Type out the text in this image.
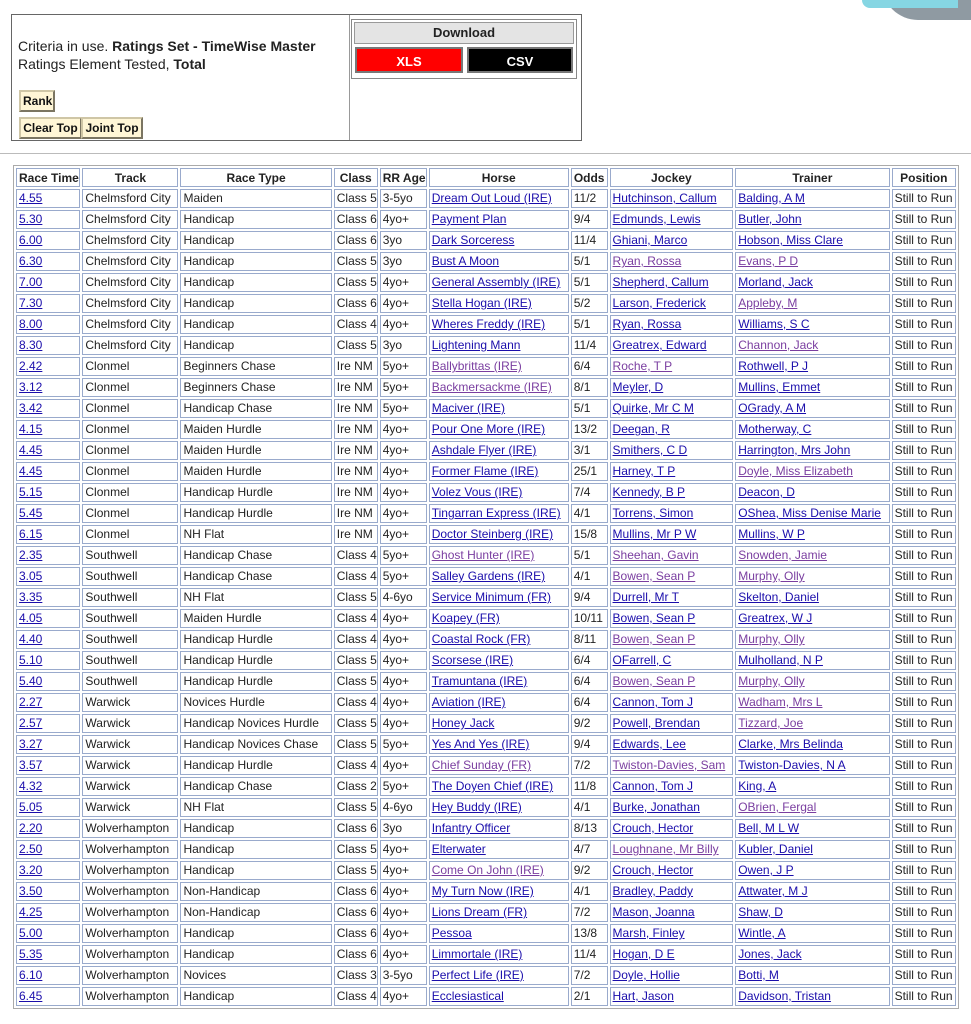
Criteria in use. Ratings Set - TimeWise Master
Ratings Element Tested, Total
Rank
Clear Top Joint Top
Download
XLS	CSV
Race Time	Track	Race Type	Class	RR Age	Horse	Odds	Jockey	Trainer	Position
4.55	Chelmsford City	Maiden	Class 5	3-5yo	Dream Out Loud (IRE)	11/2	Hutchinson, Callum	Balding, A M	Still to Run
5.30	Chelmsford City	Handicap	Class 6	4yo+	Payment Plan	9/4	Edmunds, Lewis	Butler, John	Still to Run
6.00	Chelmsford City	Handicap	Class 6	3yo	Dark Sorceress	11/4	Ghiani, Marco	Hobson, Miss Clare	Still to Run
6.30	Chelmsford City	Handicap	Class 5	3yo	Bust A Moon	5/1	Ryan, Rossa	Evans, P D	Still to Run
7.00	Chelmsford City	Handicap	Class 5	4yo+	General Assembly (IRE)	5/1	Shepherd, Callum	Morland, Jack	Still to Run
7.30	Chelmsford City	Handicap	Class 6	4yo+	Stella Hogan (IRE)	5/2	Larson, Frederick	Appleby, M	Still to Run
8.00	Chelmsford City	Handicap	Class 4	4yo+	Wheres Freddy (IRE)	5/1	Ryan, Rossa	Williams, S C	Still to Run
8.30	Chelmsford City	Handicap	Class 5	3yo	Lightening Mann	11/4	Greatrex, Edward	Channon, Jack	Still to Run
2.42	Clonmel	Beginners Chase	Ire NM	5yo+	Ballybrittas (IRE)	6/4	Roche, T P	Rothwell, P J	Still to Run
3.12	Clonmel	Beginners Chase	Ire NM	5yo+	Backmersackme (IRE)	8/1	Meyler, D	Mullins, Emmet	Still to Run
3.42	Clonmel	Handicap Chase	Ire NM	5yo+	Maciver (IRE)	5/1	Quirke, Mr C M	OGrady, A M	Still to Run
4.15	Clonmel	Maiden Hurdle	Ire NM	4yo+	Pour One More (IRE)	13/2	Deegan, R	Motherway, C	Still to Run
4.45	Clonmel	Maiden Hurdle	Ire NM	4yo+	Ashdale Flyer (IRE)	3/1	Smithers, C D	Harrington, Mrs John	Still to Run
4.45	Clonmel	Maiden Hurdle	Ire NM	4yo+	Former Flame (IRE)	25/1	Harney, T P	Doyle, Miss Elizabeth	Still to Run
5.15	Clonmel	Handicap Hurdle	Ire NM	4yo+	Volez Vous (IRE)	7/4	Kennedy, B P	Deacon, D	Still to Run
5.45	Clonmel	Handicap Hurdle	Ire NM	4yo+	Tingarran Express (IRE)	4/1	Torrens, Simon	OShea, Miss Denise Marie	Still to Run
6.15	Clonmel	NH Flat	Ire NM	4yo+	Doctor Steinberg (IRE)	15/8	Mullins, Mr P W	Mullins, W P	Still to Run
2.35	Southwell	Handicap Chase	Class 4	5yo+	Ghost Hunter (IRE)	5/1	Sheehan, Gavin	Snowden, Jamie	Still to Run
3.05	Southwell	Handicap Chase	Class 4	5yo+	Salley Gardens (IRE)	4/1	Bowen, Sean P	Murphy, Olly	Still to Run
3.35	Southwell	NH Flat	Class 5	4-6yo	Service Minimum (FR)	9/4	Durrell, Mr T	Skelton, Daniel	Still to Run
4.05	Southwell	Maiden Hurdle	Class 4	4yo+	Koapey (FR)	10/11	Bowen, Sean P	Greatrex, W J	Still to Run
4.40	Southwell	Handicap Hurdle	Class 4	4yo+	Coastal Rock (FR)	8/11	Bowen, Sean P	Murphy, Olly	Still to Run
5.10	Southwell	Handicap Hurdle	Class 5	4yo+	Scorsese (IRE)	6/4	OFarrell, C	Mulholland, N P	Still to Run
5.40	Southwell	Handicap Hurdle	Class 5	4yo+	Tramuntana (IRE)	6/4	Bowen, Sean P	Murphy, Olly	Still to Run
2.27	Warwick	Novices Hurdle	Class 4	4yo+	Aviation (IRE)	6/4	Cannon, Tom J	Wadham, Mrs L	Still to Run
2.57	Warwick	Handicap Novices Hurdle	Class 5	4yo+	Honey Jack	9/2	Powell, Brendan	Tizzard, Joe	Still to Run
3.27	Warwick	Handicap Novices Chase	Class 5	5yo+	Yes And Yes (IRE)	9/4	Edwards, Lee	Clarke, Mrs Belinda	Still to Run
3.57	Warwick	Handicap Hurdle	Class 4	4yo+	Chief Sunday (FR)	7/2	Twiston-Davies, Sam	Twiston-Davies, N A	Still to Run
4.32	Warwick	Handicap Chase	Class 2	5yo+	The Doyen Chief (IRE)	11/8	Cannon, Tom J	King, A	Still to Run
5.05	Warwick	NH Flat	Class 5	4-6yo	Hey Buddy (IRE)	4/1	Burke, Jonathan	OBrien, Fergal	Still to Run
2.20	Wolverhampton	Handicap	Class 6	3yo	Infantry Officer	8/13	Crouch, Hector	Bell, M L W	Still to Run
2.50	Wolverhampton	Handicap	Class 5	4yo+	Elterwater	4/7	Loughnane, Mr Billy	Kubler, Daniel	Still to Run
3.20	Wolverhampton	Handicap	Class 5	4yo+	Come On John (IRE)	9/2	Crouch, Hector	Owen, J P	Still to Run
3.50	Wolverhampton	Non-Handicap	Class 6	4yo+	My Turn Now (IRE)	4/1	Bradley, Paddy	Attwater, M J	Still to Run
4.25	Wolverhampton	Non-Handicap	Class 6	4yo+	Lions Dream (FR)	7/2	Mason, Joanna	Shaw, D	Still to Run
5.00	Wolverhampton	Handicap	Class 6	4yo+	Pessoa	13/8	Marsh, Finley	Wintle, A	Still to Run
5.35	Wolverhampton	Handicap	Class 6	4yo+	Limmortale (IRE)	11/4	Hogan, D E	Jones, Jack	Still to Run
6.10	Wolverhampton	Novices	Class 3	3-5yo	Perfect Life (IRE)	7/2	Doyle, Hollie	Botti, M	Still to Run
6.45	Wolverhampton	Handicap	Class 4	4yo+	Ecclesiastical	2/1	Hart, Jason	Davidson, Tristan	Still to Run
